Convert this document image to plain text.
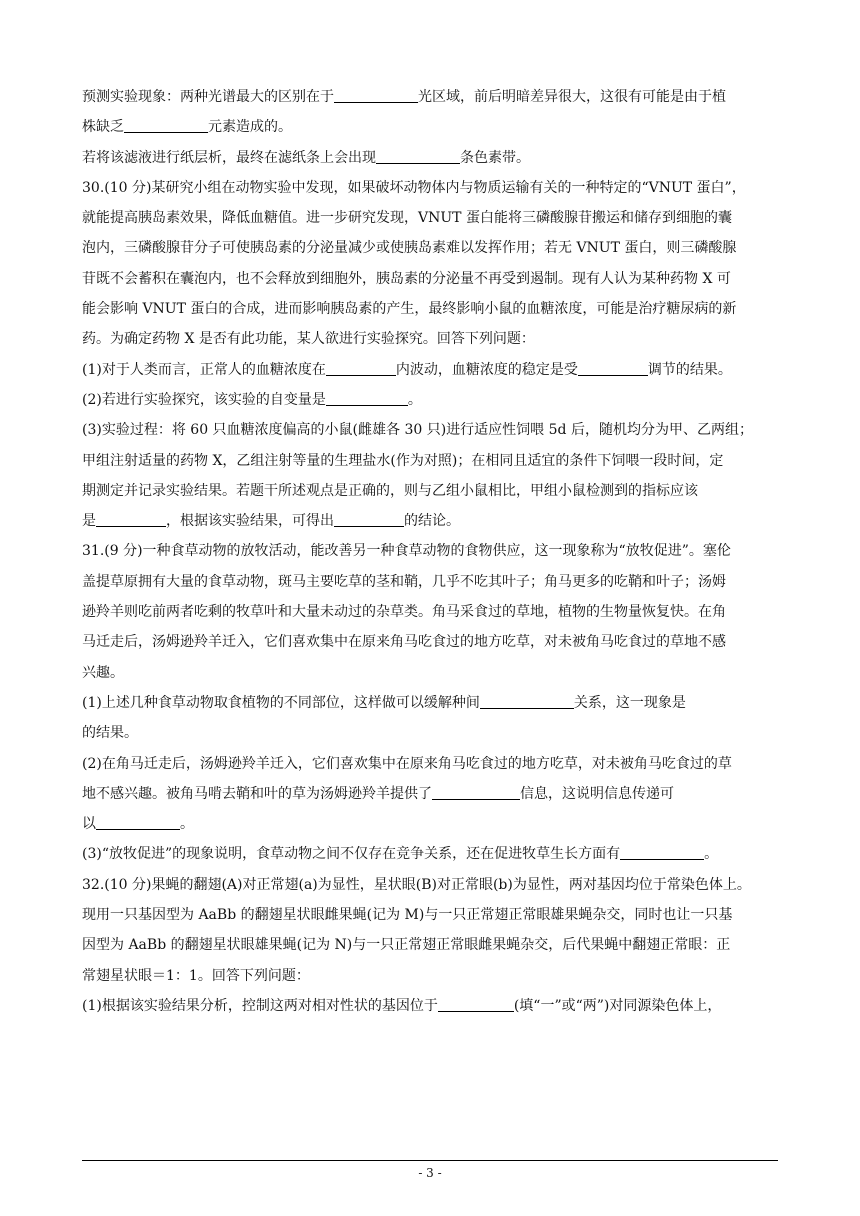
预测实验现象：两种光谱最大的区别在于	光区域，前后明暗差异很大，这很有可能是由于植
株缺乏	元素造成的。
若将该滤液进行纸层析，最终在滤纸条上会出现	条色素带。
30.(10 分)某研究小组在动物实验中发现，如果破坏动物体内与物质运输有关的一种特定的“VNUT 蛋白”，
就能提高胰岛素效果，降低血糖值。进一步研究发现，VNUT 蛋白能将三磷酸腺苷搬运和储存到细胞的囊
泡内，三磷酸腺苷分子可使胰岛素的分泌量减少或使胰岛素难以发挥作用；若无 VNUT 蛋白，则三磷酸腺
苷既不会蓄积在囊泡内，也不会释放到细胞外，胰岛素的分泌量不再受到遏制。现有人认为某种药物 X 可
能会影响 VNUT 蛋白的合成，进而影响胰岛素的产生，最终影响小鼠的血糖浓度，可能是治疗糖尿病的新
药。为确定药物 X 是否有此功能，某人欲进行实验探究。回答下列问题：
(1)对于人类而言，正常人的血糖浓度在	内波动，血糖浓度的稳定是受	调节的结果。
(2)若进行实验探究，该实验的自变量是	。
(3)实验过程：将 60 只血糖浓度偏高的小鼠(雌雄各 30 只)进行适应性饲喂 5d 后，随机均分为甲、乙两组；
甲组注射适量的药物 X，乙组注射等量的生理盐水(作为对照)；在相同且适宜的条件下饲喂一段时间，定
期测定并记录实验结果。若题干所述观点是正确的，则与乙组小鼠相比，甲组小鼠检测到的指标应该
是	，根据该实验结果，可得出	的结论。
31.(9 分)一种食草动物的放牧活动，能改善另一种食草动物的食物供应，这一现象称为“放牧促进”。塞伦
盖提草原拥有大量的食草动物，斑马主要吃草的茎和鞘，几乎不吃其叶子；角马更多的吃鞘和叶子；汤姆
逊羚羊则吃前两者吃剩的牧草叶和大量未动过的杂草类。角马采食过的草地，植物的生物量恢复快。在角
马迁走后，汤姆逊羚羊迁入，它们喜欢集中在原来角马吃食过的地方吃草，对未被角马吃食过的草地不感
兴趣。
(1)上述几种食草动物取食植物的不同部位，这样做可以缓解种间	关系，这一现象是
的结果。
(2)在角马迁走后，汤姆逊羚羊迁入，它们喜欢集中在原来角马吃食过的地方吃草，对未被角马吃食过的草
地不感兴趣。被角马啃去鞘和叶的草为汤姆逊羚羊提供了	信息，这说明信息传递可
以	。
(3)“放牧促进”的现象说明，食草动物之间不仅存在竞争关系，还在促进牧草生长方面有	。
32.(10 分)果蝇的翻翅(A)对正常翅(a)为显性，星状眼(B)对正常眼(b)为显性，两对基因均位于常染色体上。
现用一只基因型为 AaBb 的翻翅星状眼雌果蝇(记为 M)与一只正常翅正常眼雄果蝇杂交，同时也让一只基
因型为 AaBb 的翻翅星状眼雄果蝇(记为 N)与一只正常翅正常眼雌果蝇杂交，后代果蝇中翻翅正常眼：正
常翅星状眼＝1：1。回答下列问题：
(1)根据该实验结果分析，控制这两对相对性状的基因位于	(填“一”或“两”)对同源染色体上，
- 3 -
